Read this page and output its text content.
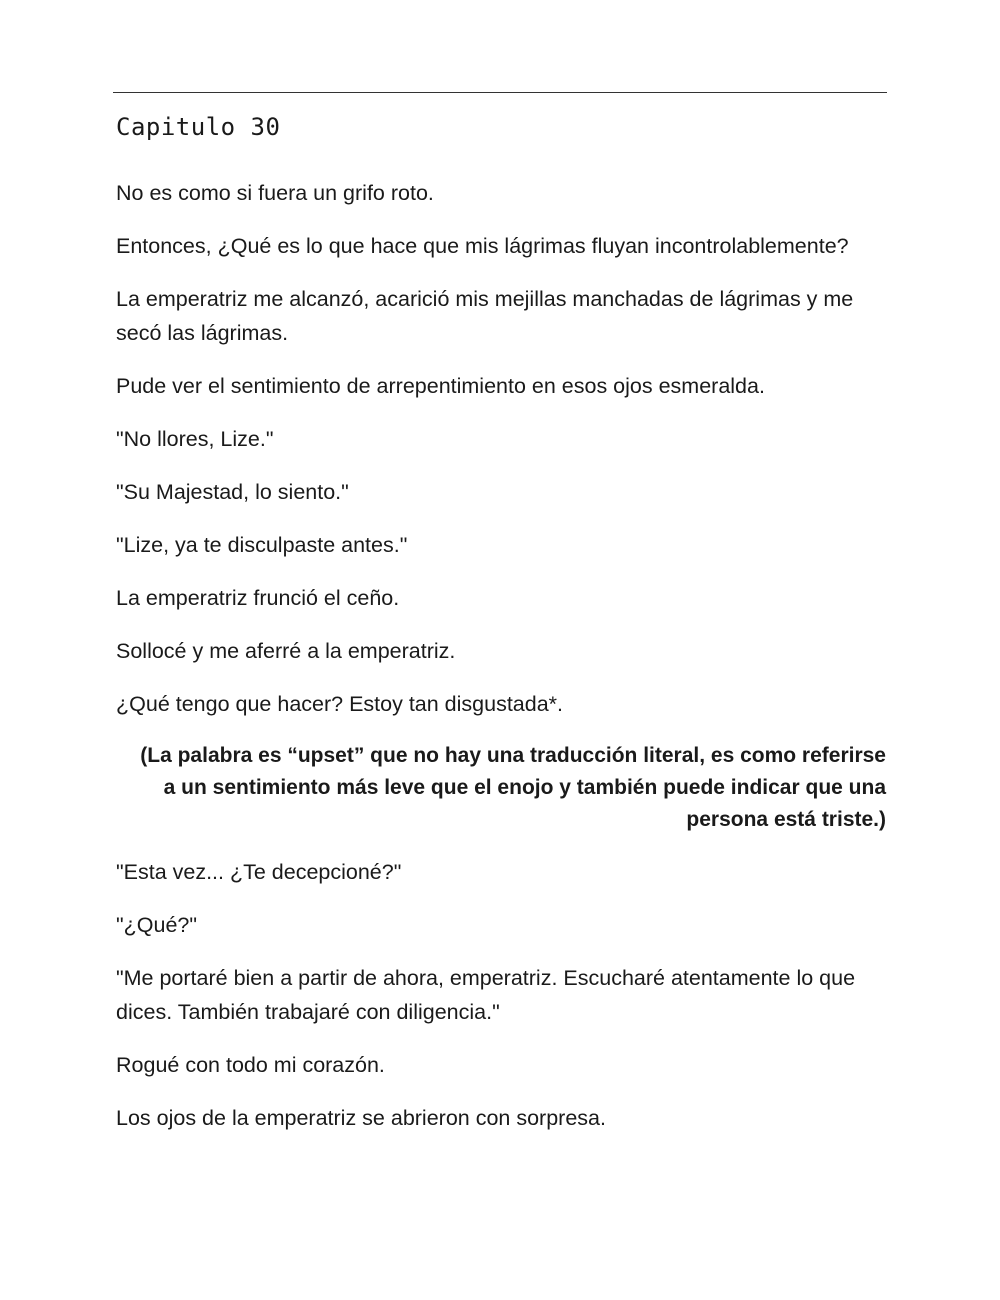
Capitulo 30

No es como si fuera un grifo roto.

Entonces, ¿Qué es lo que hace que mis lágrimas fluyan incontrolablemente?

La emperatriz me alcanzó, acarició mis mejillas manchadas de lágrimas y me secó las lágrimas.

Pude ver el sentimiento de arrepentimiento en esos ojos esmeralda.

"No llores, Lize."

"Su Majestad, lo siento."

"Lize, ya te disculpaste antes."

La emperatriz frunció el ceño.

Sollocé y me aferré a la emperatriz.

¿Qué tengo que hacer? Estoy tan disgustada*.

(La palabra es “upset” que no hay una traducción literal, es como referirse a un sentimiento más leve que el enojo y también puede indicar que una persona está triste.)

"Esta vez... ¿Te decepcioné?"

"¿Qué?"

"Me portaré bien a partir de ahora, emperatriz. Escucharé atentamente lo que dices. También trabajaré con diligencia."

Rogué con todo mi corazón.

Los ojos de la emperatriz se abrieron con sorpresa.
